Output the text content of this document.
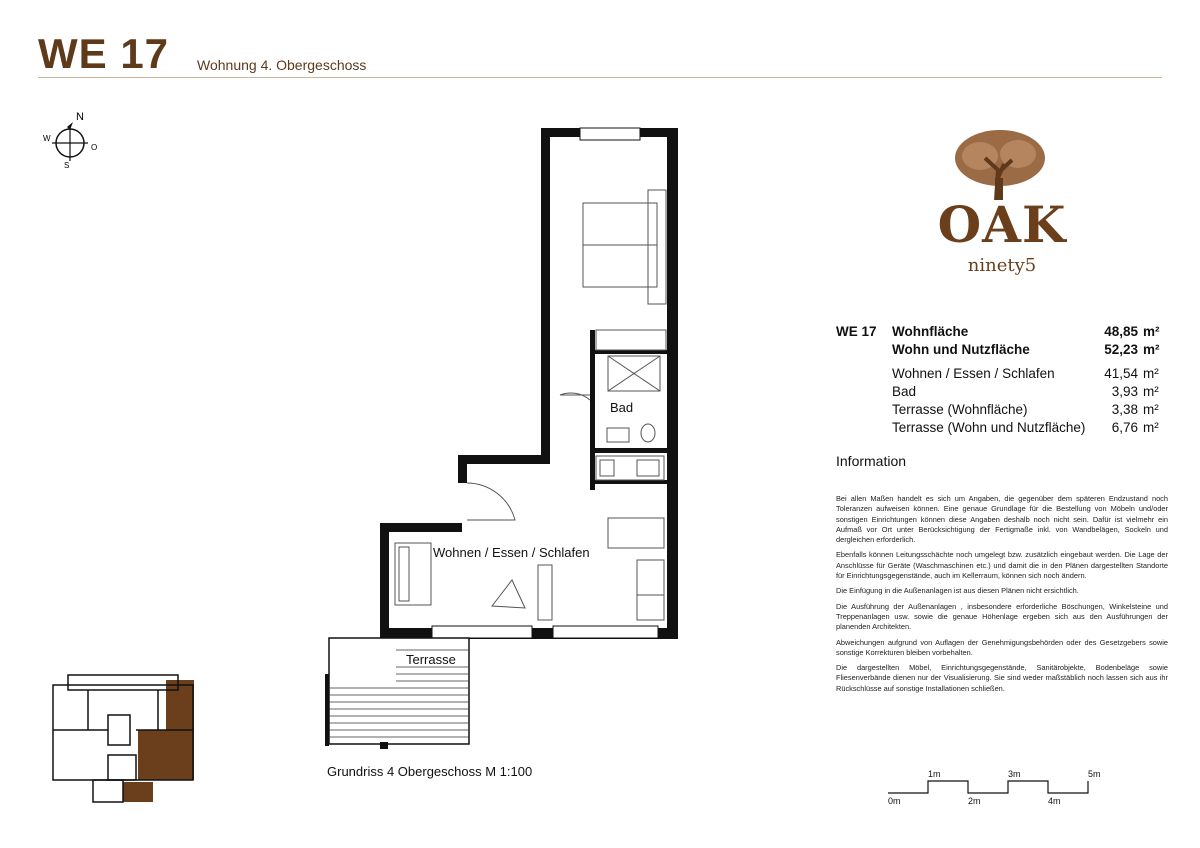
WE 17 Wohnung 4. Obergeschoss
N
W
O
S
Wohnen / Essen / Schlafen
Bad
Terrasse
Grundriss 4 Obergeschoss M 1:100
OAK
ninety5
WE 17	Wohnfläche	48,85	m²
	Wohn und Nutzfläche	52,23	m²

	Wohnen / Essen / Schlafen	41,54	m²
	Bad	3,93	m²
	Terrasse (Wohnfläche)	3,38	m²
	Terrasse (Wohn und Nutzfläche)	6,76	m²
Information

Bei allen Maßen handelt es sich um Angaben, die gegenüber dem späteren Endzustand noch Toleranzen aufweisen können. Eine genaue Grundlage für die Bestellung von Möbeln und/oder sonstigen Einrichtungen können diese Angaben deshalb noch nicht sein. Dafür ist vielmehr ein Aufmaß vor Ort unter Berücksichtigung der Fertigmaße inkl. von Wandbelägen, Sockeln und dergleichen erforderlich.

Ebenfalls können Leitungsschächte noch umgelegt bzw. zusätzlich eingebaut werden. Die Lage der Anschlüsse für Geräte (Waschmaschinen etc.) und damit die in den Plänen dargestellten Standorte für Einrichtungsgegenstände, auch im Kellerraum, können sich noch ändern.

Die Einfügung in die Außenanlagen ist aus diesen Plänen nicht ersichtlich.

Die Ausführung der Außenanlagen , insbesondere erforderliche Böschungen, Winkelsteine und Treppenanlagen usw. sowie die genaue Höhenlage ergeben sich aus den Ausführungen der planenden Architekten.

Abweichungen aufgrund von Auflagen der Genehmigungsbehörden oder des Gesetzgebers sowie sonstige Korrekturen bleiben vorbehalten.

Die dargestellten Möbel, Einrichtungsgegenstände, Sanitärobjekte, Bodenbeläge sowie Fliesenverbände dienen nur der Visualisierung. Sie sind weder maßstäblich noch lassen sich aus ihr Rückschlüsse auf sonstige Installationen schließen.

1m	3m	5m
0m	2m	4m
